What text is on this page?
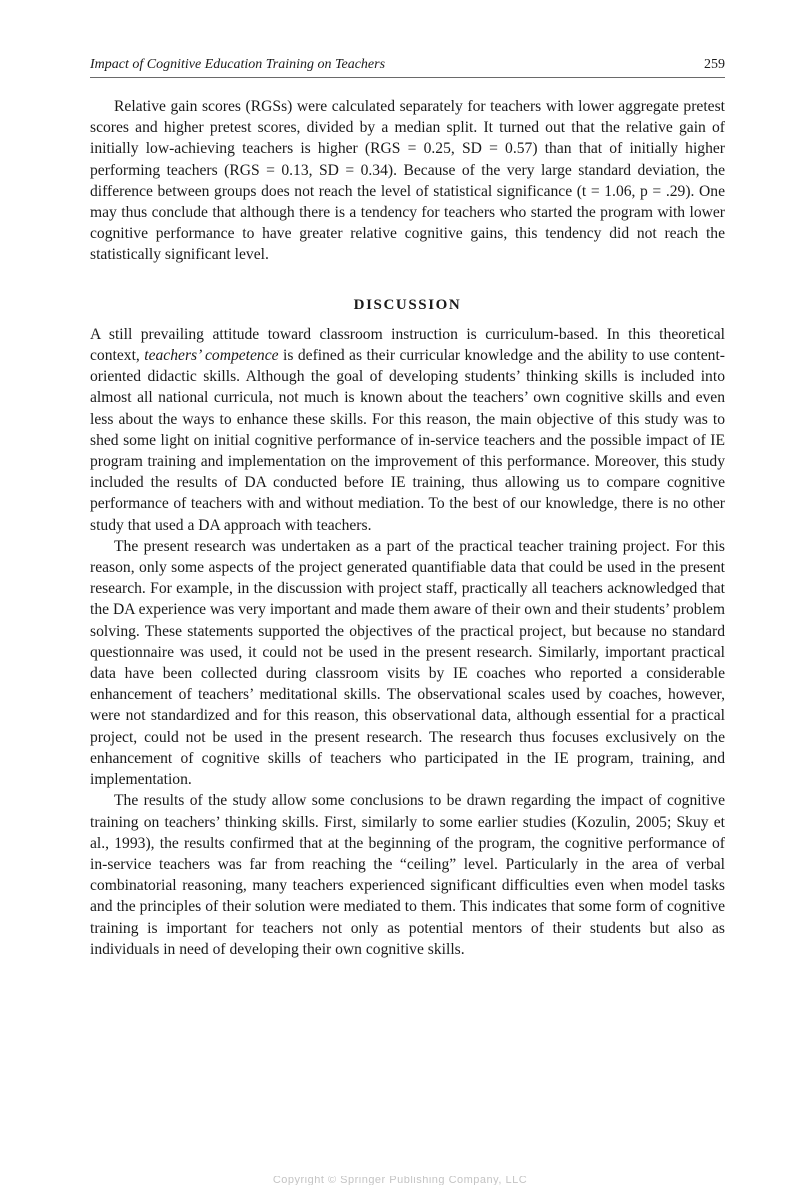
Impact of Cognitive Education Training on Teachers	259

Relative gain scores (RGSs) were calculated separately for teachers with lower aggregate pretest scores and higher pretest scores, divided by a median split. It turned out that the relative gain of initially low-achieving teachers is higher (RGS = 0.25, SD = 0.57) than that of initially higher performing teachers (RGS = 0.13, SD = 0.34). Because of the very large standard deviation, the difference between groups does not reach the level of statistical significance (t = 1.06, p = .29). One may thus conclude that although there is a tendency for teachers who started the program with lower cognitive performance to have greater relative cognitive gains, this tendency did not reach the statistically significant level.

DISCUSSION

A still prevailing attitude toward classroom instruction is curriculum-based. In this theoretical context, teachers’ competence is defined as their curricular knowledge and the ability to use content-oriented didactic skills. Although the goal of developing students’ thinking skills is included into almost all national curricula, not much is known about the teachers’ own cognitive skills and even less about the ways to enhance these skills. For this reason, the main objective of this study was to shed some light on initial cognitive performance of in-service teachers and the possible impact of IE program training and implementation on the improvement of this performance. Moreover, this study included the results of DA conducted before IE training, thus allowing us to compare cognitive performance of teachers with and without mediation. To the best of our knowledge, there is no other study that used a DA approach with teachers.

The present research was undertaken as a part of the practical teacher training project. For this reason, only some aspects of the project generated quantifiable data that could be used in the present research. For example, in the discussion with project staff, practically all teachers acknowledged that the DA experience was very important and made them aware of their own and their students’ problem solving. These statements supported the objectives of the practical project, but because no standard questionnaire was used, it could not be used in the present research. Similarly, important practical data have been collected during classroom visits by IE coaches who reported a considerable enhancement of teachers’ meditational skills. The observational scales used by coaches, however, were not standardized and for this reason, this observational data, although essential for a practical project, could not be used in the present research. The research thus focuses exclusively on the enhancement of cognitive skills of teachers who participated in the IE program, training, and implementation.

The results of the study allow some conclusions to be drawn regarding the impact of cognitive training on teachers’ thinking skills. First, similarly to some earlier studies (Kozulin, 2005; Skuy et al., 1993), the results confirmed that at the beginning of the program, the cognitive performance of in-service teachers was far from reaching the “ceiling” level. Particularly in the area of verbal combinatorial reasoning, many teachers experienced significant difficulties even when model tasks and the principles of their solution were mediated to them. This indicates that some form of cognitive training is important for teachers not only as potential mentors of their students but also as individuals in need of developing their own cognitive skills.

Copyright © Springer Publishing Company, LLC
